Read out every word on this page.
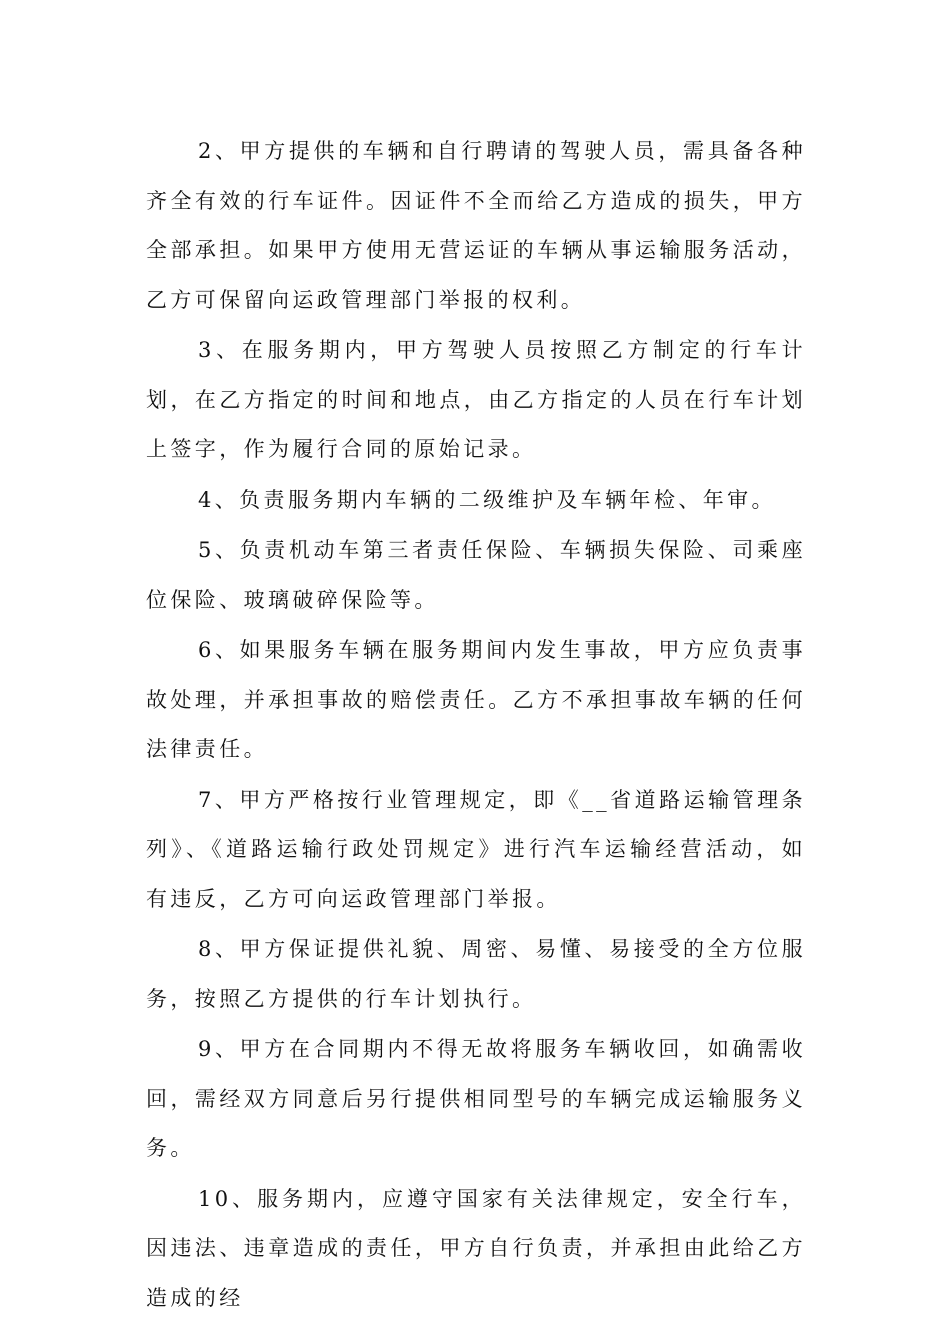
2、甲方提供的车辆和自行聘请的驾驶人员，需具备各种齐全有效的行车证件。因证件不全而给乙方造成的损失，甲方全部承担。如果甲方使用无营运证的车辆从事运输服务活动，乙方可保留向运政管理部门举报的权利。

3、在服务期内，甲方驾驶人员按照乙方制定的行车计划，在乙方指定的时间和地点，由乙方指定的人员在行车计划上签字，作为履行合同的原始记录。

4、负责服务期内车辆的二级维护及车辆年检、年审。

5、负责机动车第三者责任保险、车辆损失保险、司乘座位保险、玻璃破碎保险等。

6、如果服务车辆在服务期间内发生事故，甲方应负责事故处理，并承担事故的赔偿责任。乙方不承担事故车辆的任何法律责任。

7、甲方严格按行业管理规定，即《__省道路运输管理条列》、《道路运输行政处罚规定》进行汽车运输经营活动，如有违反，乙方可向运政管理部门举报。

8、甲方保证提供礼貌、周密、易懂、易接受的全方位服务，按照乙方提供的行车计划执行。

9、甲方在合同期内不得无故将服务车辆收回，如确需收回，需经双方同意后另行提供相同型号的车辆完成运输服务义务。

10、服务期内，应遵守国家有关法律规定，安全行车，因违法、违章造成的责任，甲方自行负责，并承担由此给乙方造成的经
